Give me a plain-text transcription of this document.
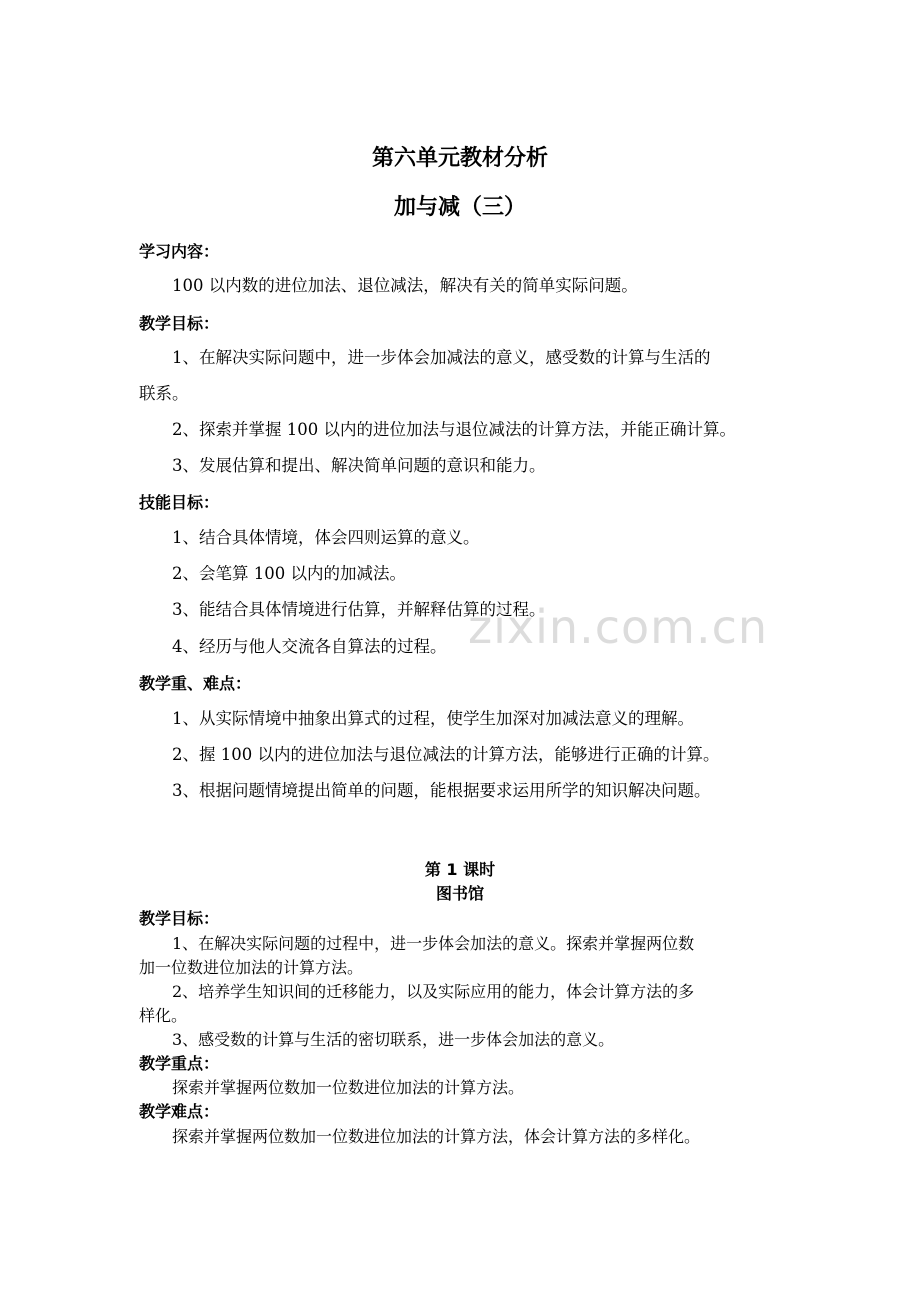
第六单元教材分析
加与减（三）
学习内容：
100 以内数的进位加法、退位减法，解决有关的简单实际问题。
教学目标：
1、在解决实际问题中，进一步体会加减法的意义，感受数的计算与生活的
联系。
2、探索并掌握 100 以内的进位加法与退位减法的计算方法，并能正确计算。
3、发展估算和提出、解决简单问题的意识和能力。
技能目标：
1、结合具体情境，体会四则运算的意义。
2、会笔算 100 以内的加减法。
3、能结合具体情境进行估算，并解释估算的过程。
4、经历与他人交流各自算法的过程。
教学重、难点：
1、从实际情境中抽象出算式的过程，使学生加深对加减法意义的理解。
2、握 100 以内的进位加法与退位减法的计算方法，能够进行正确的计算。
3、根据问题情境提出简单的问题，能根据要求运用所学的知识解决问题。
第 1 课时
图书馆
教学目标：
1、在解决实际问题的过程中，进一步体会加法的意义。探索并掌握两位数
加一位数进位加法的计算方法。
2、培养学生知识间的迁移能力，以及实际应用的能力，体会计算方法的多
样化。
3、感受数的计算与生活的密切联系，进一步体会加法的意义。
教学重点：
探索并掌握两位数加一位数进位加法的计算方法。
教学难点：
探索并掌握两位数加一位数进位加法的计算方法，体会计算方法的多样化。
zixin.com.cn
